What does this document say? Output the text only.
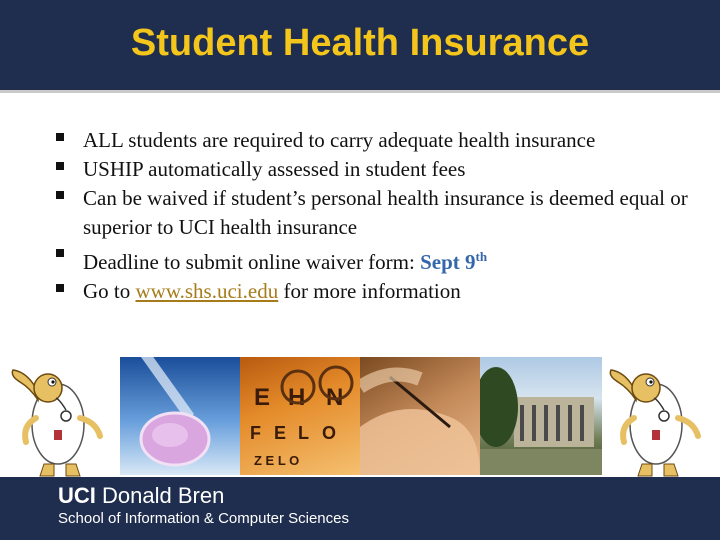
Student Health Insurance
ALL students are required to carry adequate health insurance
USHIP automatically assessed in student fees
Can be waived if student’s personal health insurance is deemed equal or superior to UCI health insurance
Deadline to submit online waiver form: Sept 9th
Go to www.shs.uci.edu for more information
E H N
F E L O
Z E L O
UCI Donald Bren
School of Information & Computer Sciences
